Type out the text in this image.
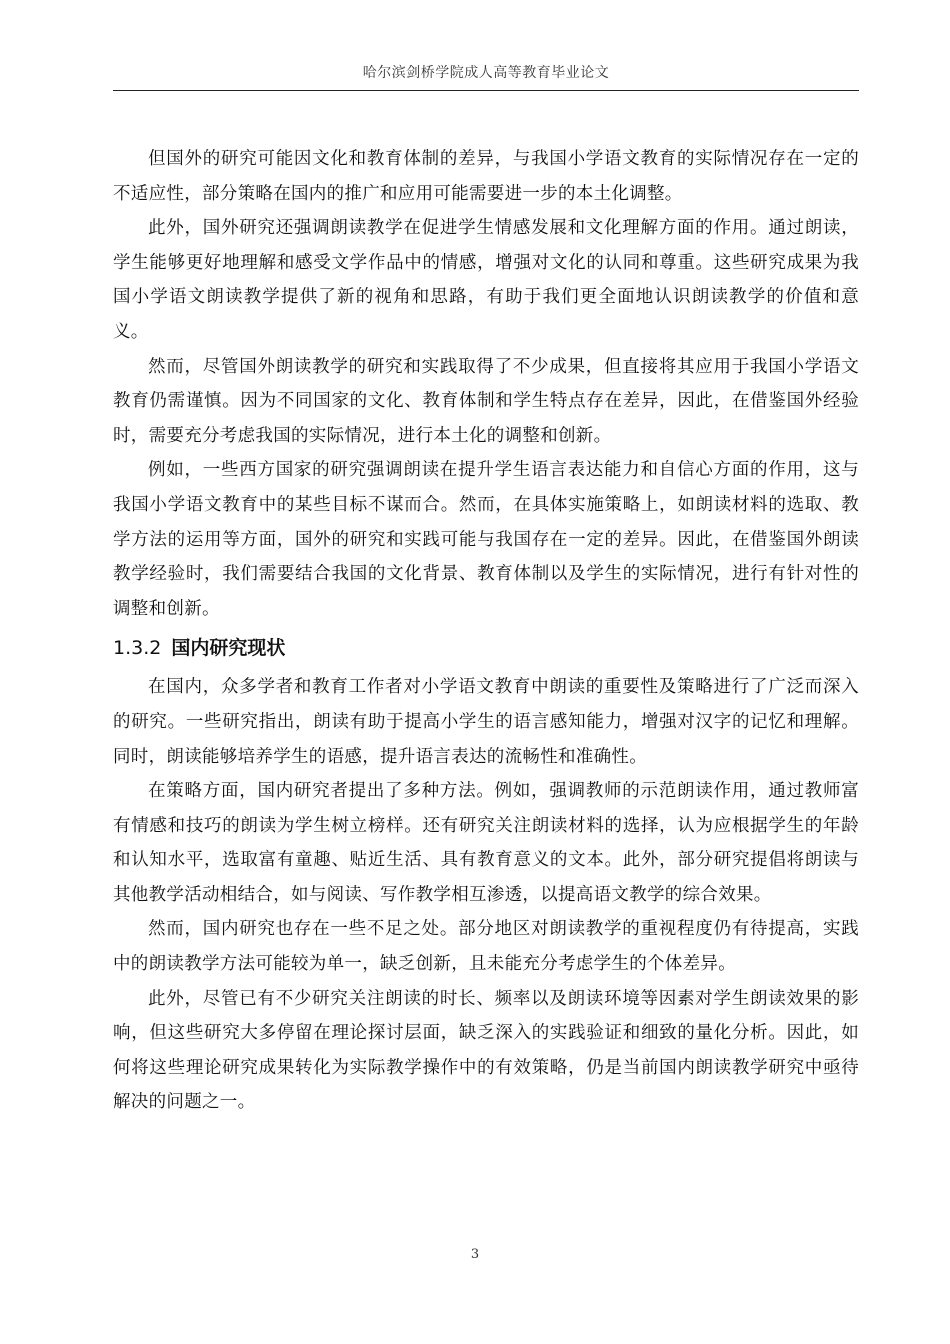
哈尔滨剑桥学院成人高等教育毕业论文

但国外的研究可能因文化和教育体制的差异，与我国小学语文教育的实际情况存在一定的不适应性，部分策略在国内的推广和应用可能需要进一步的本土化调整。

此外，国外研究还强调朗读教学在促进学生情感发展和文化理解方面的作用。通过朗读，学生能够更好地理解和感受文学作品中的情感，增强对文化的认同和尊重。这些研究成果为我国小学语文朗读教学提供了新的视角和思路，有助于我们更全面地认识朗读教学的价值和意义。

然而，尽管国外朗读教学的研究和实践取得了不少成果，但直接将其应用于我国小学语文教育仍需谨慎。因为不同国家的文化、教育体制和学生特点存在差异，因此，在借鉴国外经验时，需要充分考虑我国的实际情况，进行本土化的调整和创新。

例如，一些西方国家的研究强调朗读在提升学生语言表达能力和自信心方面的作用，这与我国小学语文教育中的某些目标不谋而合。然而，在具体实施策略上，如朗读材料的选取、教学方法的运用等方面，国外的研究和实践可能与我国存在一定的差异。因此，在借鉴国外朗读教学经验时，我们需要结合我国的文化背景、教育体制以及学生的实际情况，进行有针对性的调整和创新。

1.3.2 国内研究现状

在国内，众多学者和教育工作者对小学语文教育中朗读的重要性及策略进行了广泛而深入的研究。一些研究指出，朗读有助于提高小学生的语言感知能力，增强对汉字的记忆和理解。同时，朗读能够培养学生的语感，提升语言表达的流畅性和准确性。

在策略方面，国内研究者提出了多种方法。例如，强调教师的示范朗读作用，通过教师富有情感和技巧的朗读为学生树立榜样。还有研究关注朗读材料的选择，认为应根据学生的年龄和认知水平，选取富有童趣、贴近生活、具有教育意义的文本。此外，部分研究提倡将朗读与其他教学活动相结合，如与阅读、写作教学相互渗透，以提高语文教学的综合效果。

然而，国内研究也存在一些不足之处。部分地区对朗读教学的重视程度仍有待提高，实践中的朗读教学方法可能较为单一，缺乏创新，且未能充分考虑学生的个体差异。

此外，尽管已有不少研究关注朗读的时长、频率以及朗读环境等因素对学生朗读效果的影响，但这些研究大多停留在理论探讨层面，缺乏深入的实践验证和细致的量化分析。因此，如何将这些理论研究成果转化为实际教学操作中的有效策略，仍是当前国内朗读教学研究中亟待解决的问题之一。

3
